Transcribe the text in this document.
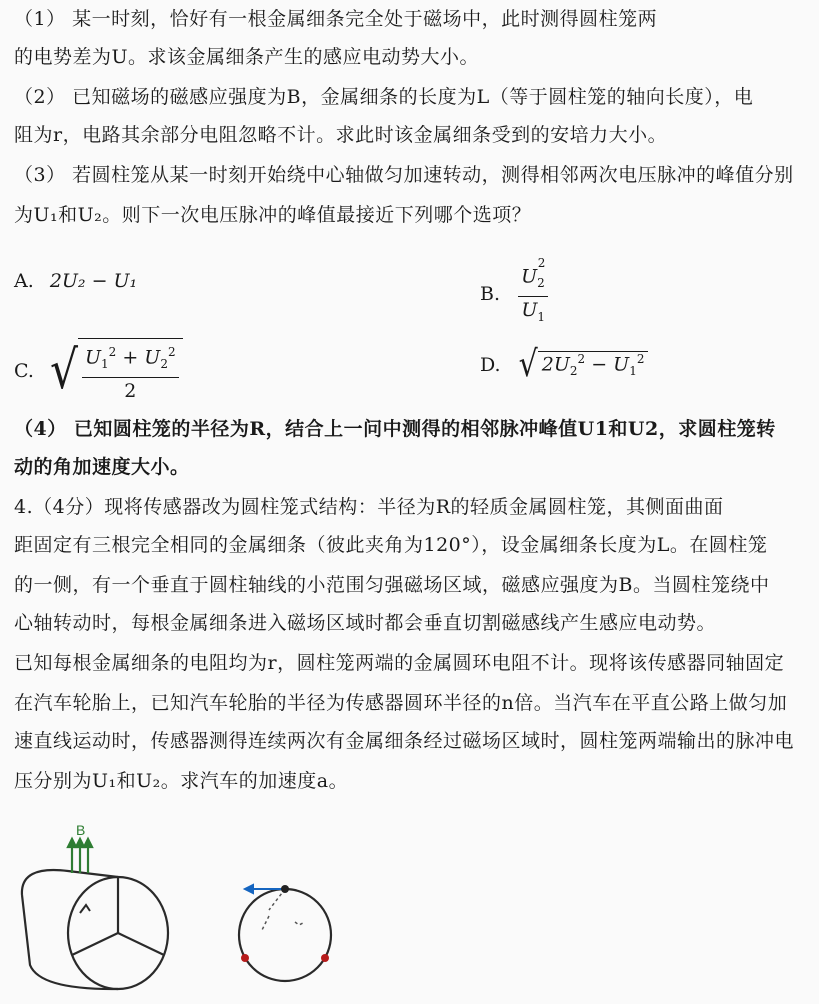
（1） 某一时刻，恰好有一根金属细条完全处于磁场中，此时测得圆柱笼两
的电势差为U。求该金属细条产生的感应电动势大小。
（2） 已知磁场的磁感应强度为B，金属细条的长度为L（等于圆柱笼的轴向长度），电
阻为r，电路其余部分电阻忽略不计。求此时该金属细条受到的安培力大小。
（3） 若圆柱笼从某一时刻开始绕中心轴做匀加速转动，测得相邻两次电压脉冲的峰值分别
为U₁和U₂。则下一次电压脉冲的峰值最接近下列哪个选项？
A. 2U₂ − U₁
B. $\frac{U_2^2}{U_1}$
C. √ $\frac{U_1^2 + U_2^2}{2}$	D. √ $2U_2^2 - U_1^2$
（4） 已知圆柱笼的半径为R，结合上一问中测得的相邻脉冲峰值U1和U2，求圆柱笼转
动的角加速度大小。
4.（4分）现将传感器改为圆柱笼式结构：半径为R的轻质金属圆柱笼，其侧面曲面
距固定有三根完全相同的金属细条（彼此夹角为120°），设金属细条长度为L。在圆柱笼
的一侧，有一个垂直于圆柱轴线的小范围匀强磁场区域，磁感应强度为B。当圆柱笼绕中
心轴转动时，每根金属细条进入磁场区域时都会垂直切割磁感线产生感应电动势。
已知每根金属细条的电阻均为r，圆柱笼两端的金属圆环电阻不计。现将该传感器同轴固定
在汽车轮胎上，已知汽车轮胎的半径为传感器圆环半径的n倍。当汽车在平直公路上做匀加
速直线运动时，传感器测得连续两次有金属细条经过磁场区域时，圆柱笼两端输出的脉冲电
压分别为U₁和U₂。求汽车的加速度a。
B
